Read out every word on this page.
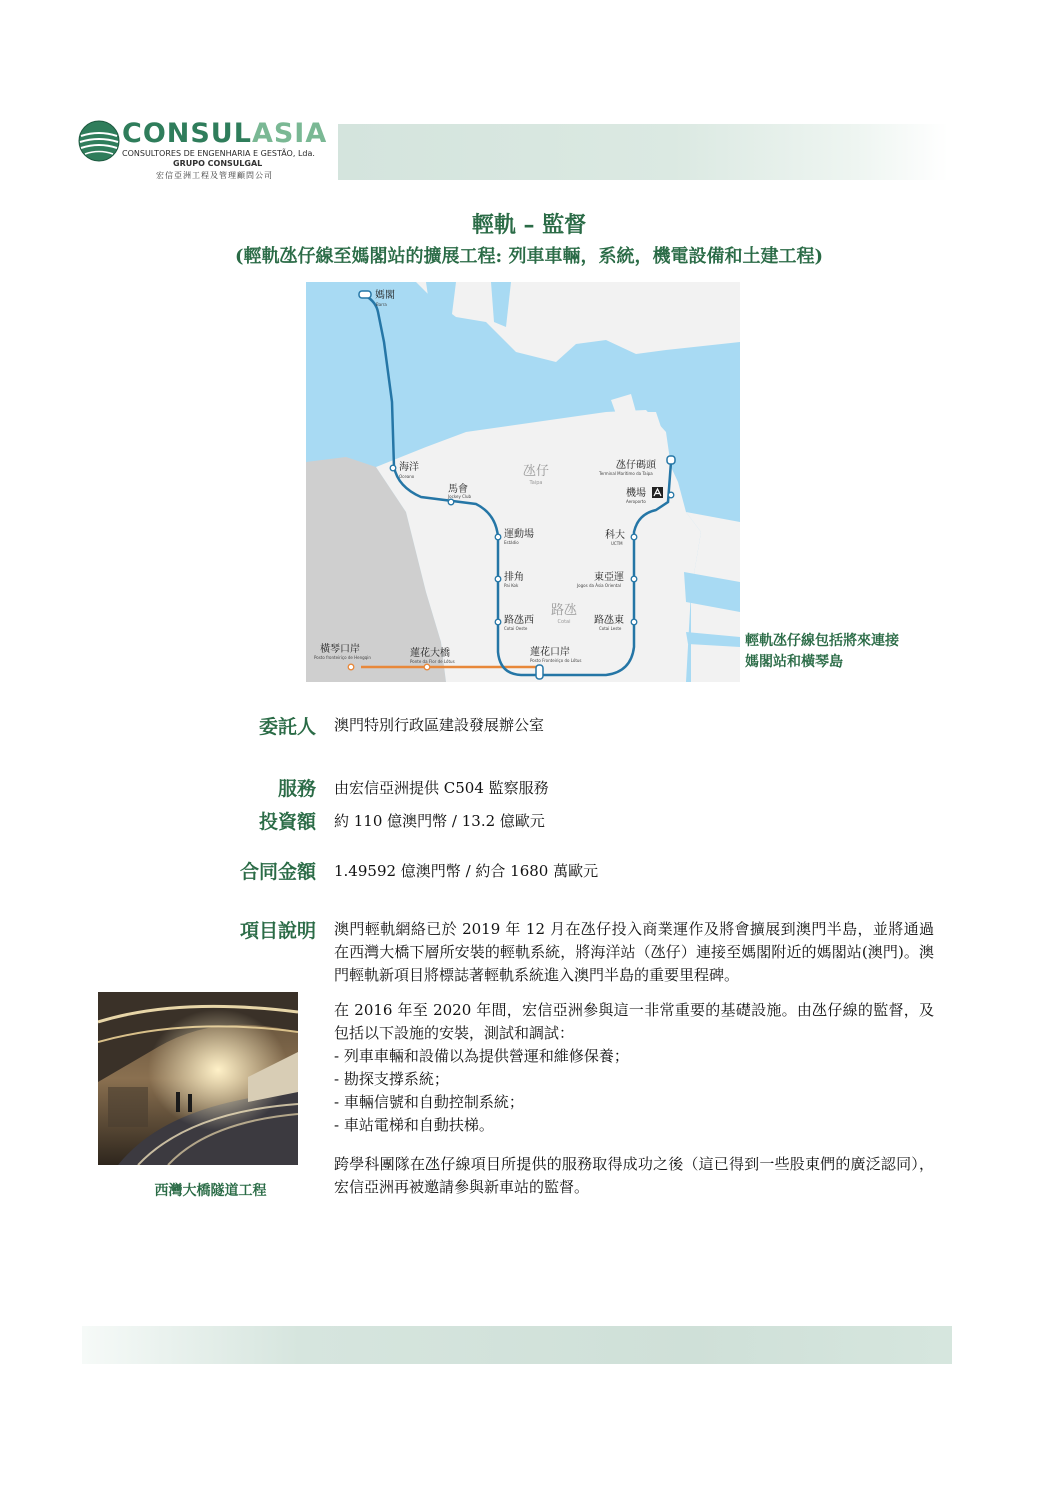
CONSULASIA
CONSULTORES DE ENGENHARIA E GESTÃO, Lda.
GRUPO CONSULGAL
宏信亞洲工程及管理顧問公司
輕軌 – 監督
(輕軌氹仔線至媽閣站的擴展工程: 列車車輛，系統，機電設備和土建工程)
氹仔
Taipa
路氹
Cotai
媽閣
Barra
海洋
Oceano
馬會
Jockey Club
運動場
Estádio
排角
Pai Kok
路氹西
Cotai Oeste
蓮花口岸
Posto Fronteiriço do Lótus
路氹東
Cotai Leste
東亞運
Jogos da Ásia Oriental
科大
UCTM
機場
Aeroporto
氹仔碼頭
Terminal Marítimo da Taipa
蓮花大橋
Ponte da Flor de Lótus
橫琴口岸
Posto fronteiriço de Hengqin
輕軌氹仔線包括將來連接
媽閣站和橫琴島
委託人 澳門特別行政區建設發展辦公室
服務 由宏信亞洲提供 C504 監察服務
投資額 約 110 億澳門幣 / 13.2 億歐元
合同金額 1.49592 億澳門幣 / 約合 1680 萬歐元
項目說明 澳門輕軌網絡已於 2019 年 12 月在氹仔投入商業運作及將會擴展到澳門半島，並將通過在西灣大橋下層所安裝的輕軌系統，將海洋站（氹仔）連接至媽閣附近的媽閣站(澳門)。澳門輕軌新項目將標誌著輕軌系統進入澳門半島的重要里程碑。

在 2016 年至 2020 年間，宏信亞洲參與這一非常重要的基礎設施。由氹仔線的監督，及包括以下設施的安裝，測試和調試：

- 列車車輛和設備以為提供營運和維修保養；
- 勘探支撐系統；
- 車輛信號和自動控制系統；
- 車站電梯和自動扶梯。

跨學科團隊在氹仔線項目所提供的服務取得成功之後（這已得到一些股東們的廣泛認同），宏信亞洲再被邀請參與新車站的監督。

西灣大橋隧道工程
